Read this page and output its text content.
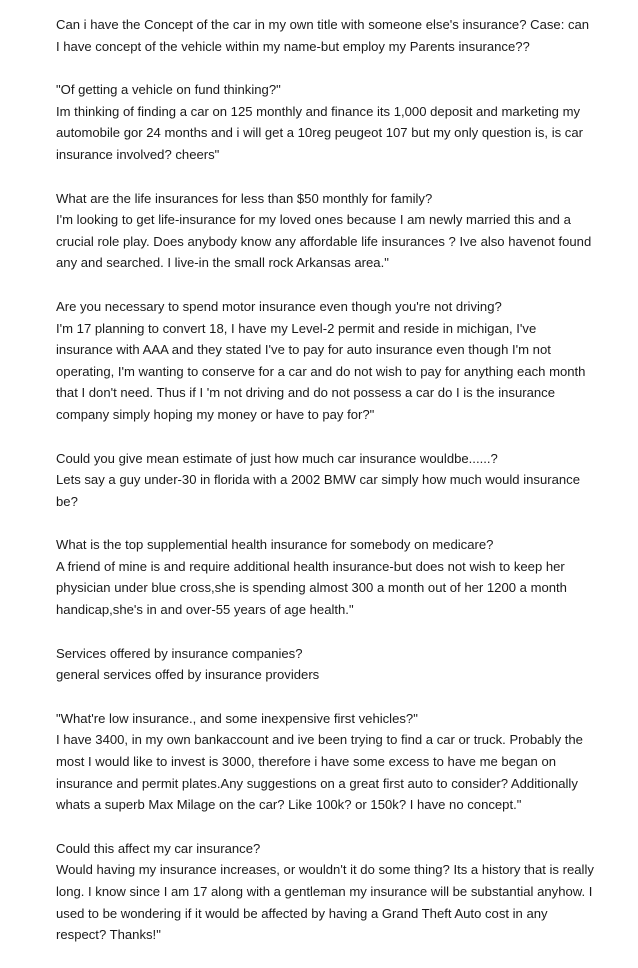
Can i have the Concept of the car in my own title with someone else's insurance? Case: can

I have concept of the vehicle within my name-but employ my Parents insurance??

"Of getting a vehicle on fund thinking?"

Im thinking of finding a car on 125 monthly and finance its 1,000 deposit and marketing my
automobile gor 24 months and i will get a 10reg peugeot 107 but my only question is, is car
insurance involved? cheers"

What are the life insurances for less than $50 monthly for family?

I'm looking to get life-insurance for my loved ones because I am newly married this and a
crucial role play. Does anybody know any affordable life insurances ? Ive also havenot found
any and searched. I live-in the small rock Arkansas area."

Are you necessary to spend motor insurance even though you're not driving?

I'm 17 planning to convert 18, I have my Level-2 permit and reside in michigan, I've
insurance with AAA and they stated I've to pay for auto insurance even though I'm not
operating, I'm wanting to conserve for a car and do not wish to pay for anything each month
that I don't need. Thus if I 'm not driving and do not possess a car do I is the insurance
company simply hoping my money or have to pay for?"

Could you give mean estimate of just how much car insurance wouldbe......?

Lets say a guy under-30 in florida with a 2002 BMW car simply how much would insurance
be?

What is the top supplemential health insurance for somebody on medicare?

A friend of mine is and require additional health insurance-but does not wish to keep her
physician under blue cross,she is spending almost 300 a month out of her 1200 a month
handicap,she's in and over-55 years of age health."

Services offered by insurance companies?

general services offed by insurance providers

"What're low insurance., and some inexpensive first vehicles?"

I have 3400, in my own bankaccount and ive been trying to find a car or truck. Probably the
most I would like to invest is 3000, therefore i have some excess to have me began on
insurance and permit plates.Any suggestions on a great first auto to consider? Additionally
whats a superb Max Milage on the car? Like 100k? or 150k? I have no concept."

Could this affect my car insurance?

Would having my insurance increases, or wouldn't it do some thing? Its a history that is really
long. I know since I am 17 along with a gentleman my insurance will be substantial anyhow. I
used to be wondering if it would be affected by having a Grand Theft Auto cost in any
respect? Thanks!"
